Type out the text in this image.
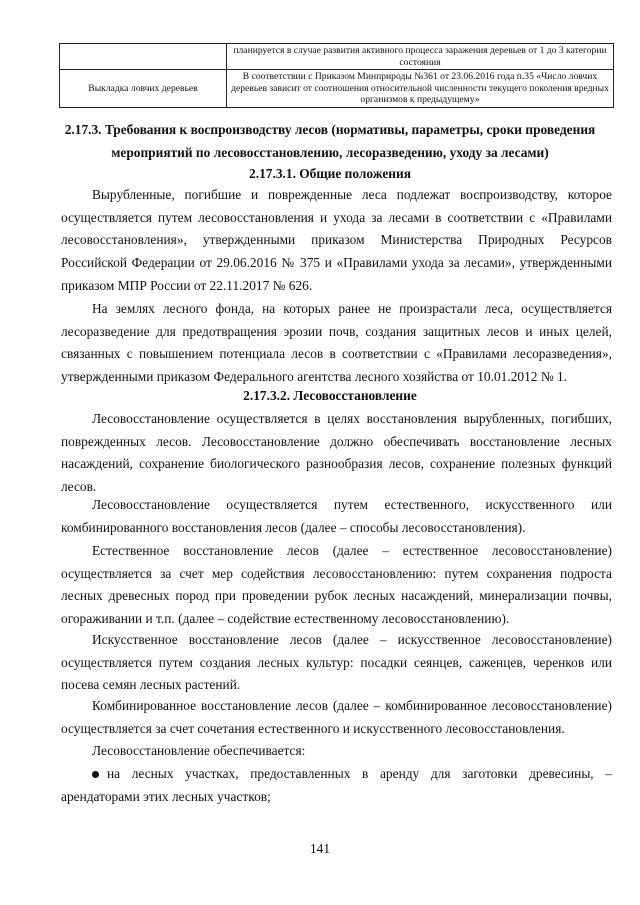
	планируется в случае развития активного процесса заражения деревьев от 1 до 3 категории состояния
Выкладка ловчих деревьев	В соответствии с Приказом Минприроды №361 от 23.06.2016 года п.35 «Число ловчих деревьев зависит от соотношения относительной численности текущего поколения вредных организмов к предыдущему»
2.17.3. Требования к воспроизводству лесов (нормативы, параметры, сроки проведения
мероприятий по лесовосстановлению, лесоразведению, уходу за лесами)
2.17.3.1. Общие положения

Вырубленные, погибшие и поврежденные леса подлежат воспроизводству, которое осуществляется путем лесовосстановления и ухода за лесами в соответствии с «Правилами лесовосстановления», утвержденными приказом Министерства Природных Ресурсов Российской Федерации от 29.06.2016 № 375 и «Правилами ухода за лесами», утвержденными приказом МПР России от 22.11.2017 № 626.

На землях лесного фонда, на которых ранее не произрастали леса, осуществляется лесоразведение для предотвращения эрозии почв, создания защитных лесов и иных целей, связанных с повышением потенциала лесов в соответствии с «Правилами лесоразведения», утвержденными приказом Федерального агентства лесного хозяйства от 10.01.2012 № 1.

2.17.3.2. Лесовосстановление

Лесовосстановление осуществляется в целях восстановления вырубленных, погибших, поврежденных лесов. Лесовосстановление должно обеспечивать восстановление лесных насаждений, сохранение биологического разнообразия лесов, сохранение полезных функций лесов.

Лесовосстановление осуществляется путем естественного, искусственного или комбинированного восстановления лесов (далее – способы лесовосстановления).

Естественное восстановление лесов (далее – естественное лесовосстановление) осуществляется за счет мер содействия лесовосстановлению: путем сохранения подроста лесных древесных пород при проведении рубок лесных насаждений, минерализации почвы, огораживании и т.п. (далее – содействие естественному лесовосстановлению).

Искусственное восстановление лесов (далее – искусственное лесовосстановление) осуществляется путем создания лесных культур: посадки сеянцев, саженцев, черенков или посева семян лесных растений.

Комбинированное восстановление лесов (далее – комбинированное лесовосстановление) осуществляется за счет сочетания естественного и искусственного лесовосстановления.

Лесовосстановление обеспечивается:

на лесных участках, предоставленных в аренду для заготовки древесины, – арендаторами этих лесных участков;

141
